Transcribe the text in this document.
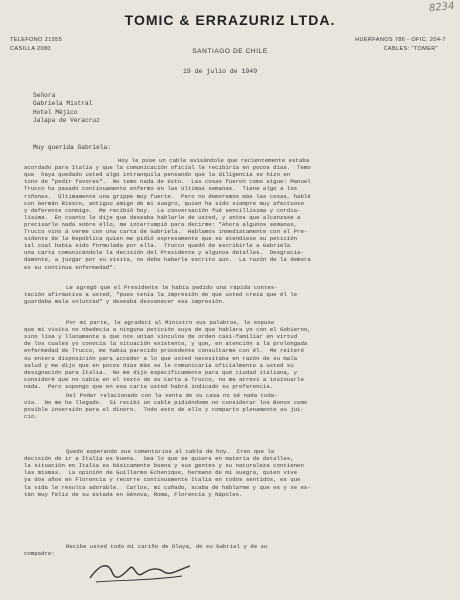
8234
TOMIC & ERRAZURIZ LTDA.
TELEFONO 21555
CASILLA 2080	SANTIAGO DE CHILE
HUERFANOS 786 - OFIC. 204-7
CABLES: "TOMER"
19 de julio de 1949
Señora
Gabriela Mistral
Hotel Mèjico
Jalapa de Veracruz
Muy querida Gabriela:
Hoy le puse un cable avisándole que recientemente estaba
acordado para Italia y que la comunicación oficial le recibiría en pocos días.  Temo
que  haya quedado usted algo intranquila pensando que la diligencia se hizo en
tono de "pedir favores".  No temo nada de ésto.  Las cosas fueron como sigue: Manuel
Trucco ha pasado continuamente enfermo en las últimas semanas.  Tiene algo a los
riñones.  Últimamente una grippe muy fuerte.  Pero no demoremos más las cosas, hablé
con Germán Riesco, antiguo amigo de mi suegro, quien ha sido siempre muy afectuoso
y deferente conmigo.  Me recibió hoy.  La conversación fué sencillísima y cordia-
lísima.  En cuanto le dije que deseaba hablarle de usted, y antes que alcanzase a
precisarle nada sobre ello, me interrumpió para decirme: "Ahora algunos semanas,
Trucco vino a verme con una carta de Gabriela.  Hablamos inmediatamente con el Pre-
sidente de la República quien me pidió expresamente que se atendiese su petición
tal cual había sido formulada por ella.  Trucco quedó de escribirle a Gabriela
una carta comunicándole la decisión del Presidente y algunos detalles.  Desgracia-
damente, a juzgar por su visita, no debe haberle escrito aún.  La razón de la demora
es su continua enfermedad".
Le agregó que el Presidente le había pedido una rápida contes-
tación afirmativa a usted, "pues tenía la impresión de que usted creía que él le
guardaba mala voluntad" y deseaba desvanecer esa impresión.
Por mi parte, le agradecí al Ministro sus palabras, le expuse
que mi visita no obedecía a ninguna petición suya de que hablara yo con el Gobierno,
sino lisa y llanamente a que nos unían vínculos de orden casi-familiar en virtud
de los cuales yo conocía la situación existente, y que, en atención a la prolongada
enfermedad de Trucco, me había parecido procedente consultarme con él.  Me reiteró
su entera disposición para acceder a lo que usted necesitaba en razón de su mala
salud y me dijo que en pocos días más se le comunicaría oficialmente a usted su
designación para Italia.  No me dijo específicamente para qué ciudad italiana, y
consideré que no cabía en el texto de su carta a Trucco, no me atreví a insinuarle
nada.  Pero supongo que en esa carta usted habrá indicado su preferencia.
Del Poder relacionado con la venta de su casa no sé nada toda-
vía.  No me ha llegado.  Si recibí un cable pidiéndome no considerar los Bonos como
posible inversión para el dinero.  Todo esto de ello y comparto plenamente su jui-
cio.
Quedo esperando sus comentarios al cable de hoy.  Creo que la
decisión de ir a Italia es buena.  Sea lo que se quiera en materia de detalles,
la situación en Italia es básicamente buena y sus gentes y su naturaleza contienen
las mismas.  La opinión de Guillermo Echenique, hermano de mi suegra, quien vive
ya dos años en Florencia y recorre continuamente Italia en todos sentidos, es que
la vida le resulta adorable.  Carlos, mi cuñado, acaba de hablarme y que es y se es-
tán muy feliz de su estada en Génova, Roma, Florencia y Nápoles.
Recibe usted todo mi cariño de Olaya, de su Gabriel y de su
compadre:
